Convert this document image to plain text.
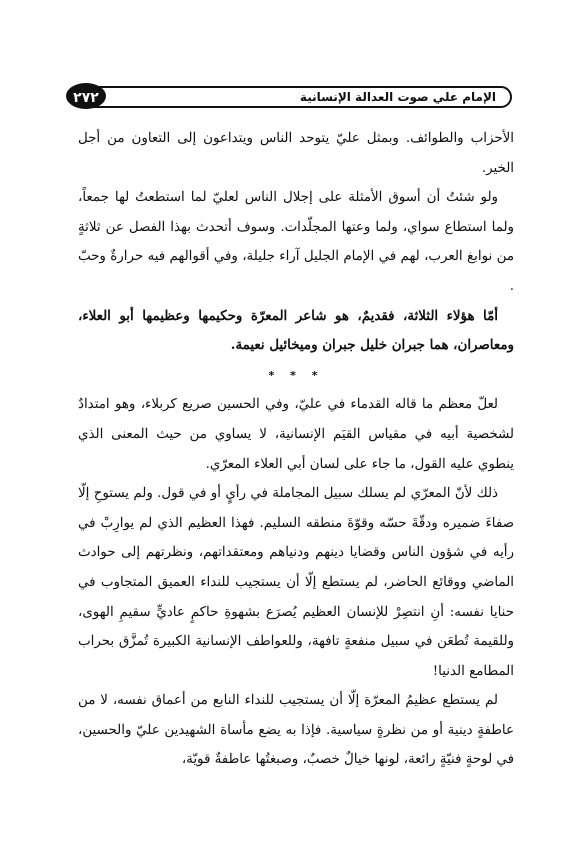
٢٧٢	الإمام علي صوت العدالة الإنسانية

الأحزاب والطوائف. وبمثل عليّ يتوحد الناس ويتداعون إلى التعاون من أجل الخير.

ولو شئتُ أن أسوق الأمثلة على إجلال الناس لعليّ لما استطعتُ لها جمعاً، ولما استطاع سواي، ولما وعتها المجلّدات. وسوف أتحدث بهذا الفصل عن ثلاثةٍ من نوابغ العرب، لهم في الإمام الجليل آراء جليلة، وفي أقوالهم فيه حرارةٌ وحبّ .

أمّا هؤلاء الثلاثة، فقديمٌ، هو شاعر المعرّة وحكيمها وعظيمها أبو العلاء، ومعاصران، هما جبران خليل جبران وميخائيل نعيمة.

* * *

لعلّ معظم ما قاله القدماء في عليّ، وفي الحسين صريع كربلاء، وهو امتدادٌ لشخصية أبيه في مقياس القيَم الإنسانية، لا يساوي من حيث المعنى الذي ينطوي عليه القول، ما جاء على لسان أبي العلاء المعرّي.

ذلك لأنّ المعرّي لم يسلك سبيل المجاملة في رأيٍ أو في قول. ولم يستوحِ إلّا صفاءَ ضميره ودقّةَ حسّه وقوّةَ منطقه السليم. فهذا العظيم الذي لم يوارِبْ في رأيه في شؤون الناس وقضايا دينهم ودنياهم ومعتقداتهم، ونظرتهم إلى حوادث الماضي ووقائع الحاضر، لم يستطع إلّا أن يستجيب للنداء العميق المتجاوب في حنايا نفسه: أنِ انتصِرْ للإنسان العظيم يُصرَع بشهوةِ حاكمٍ عاديٍّ سقيمِ الهوى، وللقيمة تُطعَن في سبيل منفعةٍ تافهة، وللعواطف الإنسانية الكبيرة تُمزَّق بحراب المطامع الدنيا!

لم يستطع عظيمُ المعرّة إلّا أن يستجيب للنداء النابع من أعماق نفسه، لا من عاطفةٍ دينية أو من نظرةٍ سياسية. فإذا به يضع مأساة الشهيدين عليّ والحسين، في لوحةٍ فنيّةٍ رائعة، لونها خيالٌ خصبٌ، وصبغتُها عاطفةٌ قويّة،
